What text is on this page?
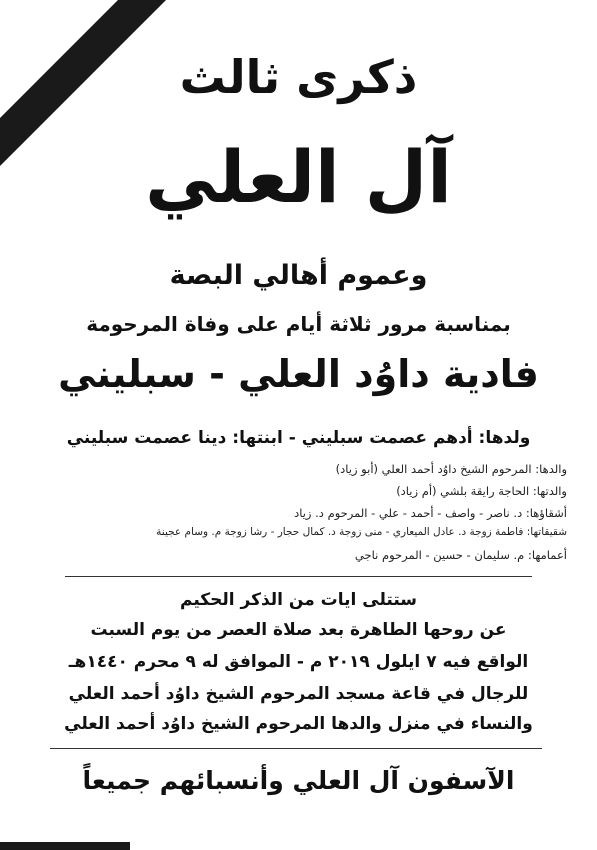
ذكرى ثالث
آل العلي
وعموم أهالي البصة
بمناسبة مرور ثلاثة أيام على وفاة المرحومة
فادية داوُد العلي - سبليني
ولدها: أدهم عصمت سبليني - ابنتها: دينا عصمت سبليني
والدها: المرحوم الشيخ داوُد أحمد العلي (أبو زياد)
والدتها: الحاجة رايقة بلشي (أم زياد)
أشقاؤها: د. ناصر - واصف - أحمد - علي - المرحوم د. زياد
شقيقاتها: فاطمة زوجة د. عادل الميعاري - منى زوجة د. كمال حجار - رشا زوجة م. وسام عجينة
أعمامها: م. سليمان - حسين - المرحوم ناجي
ستتلى ايات من الذكر الحكيم
عن روحها الطاهرة بعد صلاة العصر من يوم السبت
الواقع فيه ٧ ايلول ٢٠١٩ م - الموافق له ٩ محرم ١٤٤٠هـ
للرجال في قاعة مسجد المرحوم الشيخ داوُد أحمد العلي
والنساء في منزل والدها المرحوم الشيخ داوُد أحمد العلي
الآسفون آل العلي وأنسبائهم جميعاً
